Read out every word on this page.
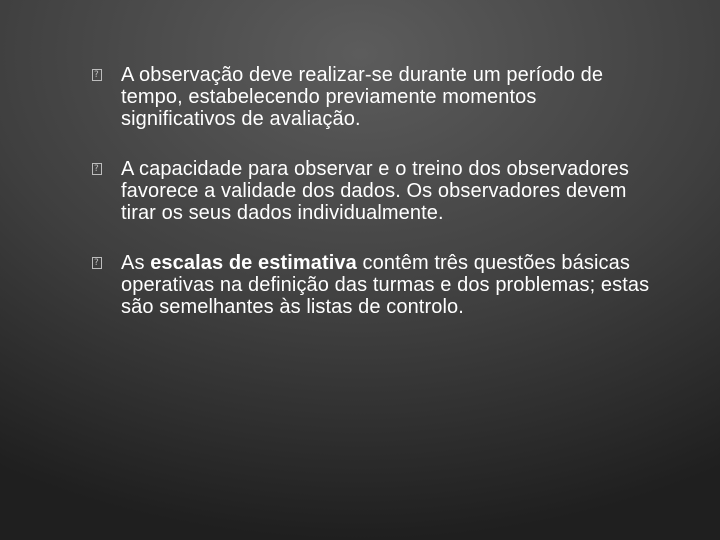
?
A observação deve realizar-se durante um período de tempo, estabelecendo previamente momentos significativos de avaliação.
?
A capacidade para observar e o treino dos observadores favorece a validade dos dados. Os observadores devem tirar os seus dados individualmente.
?
As escalas de estimativa contêm três questões básicas operativas na definição das turmas e dos problemas; estas são semelhantes às listas de controlo.
